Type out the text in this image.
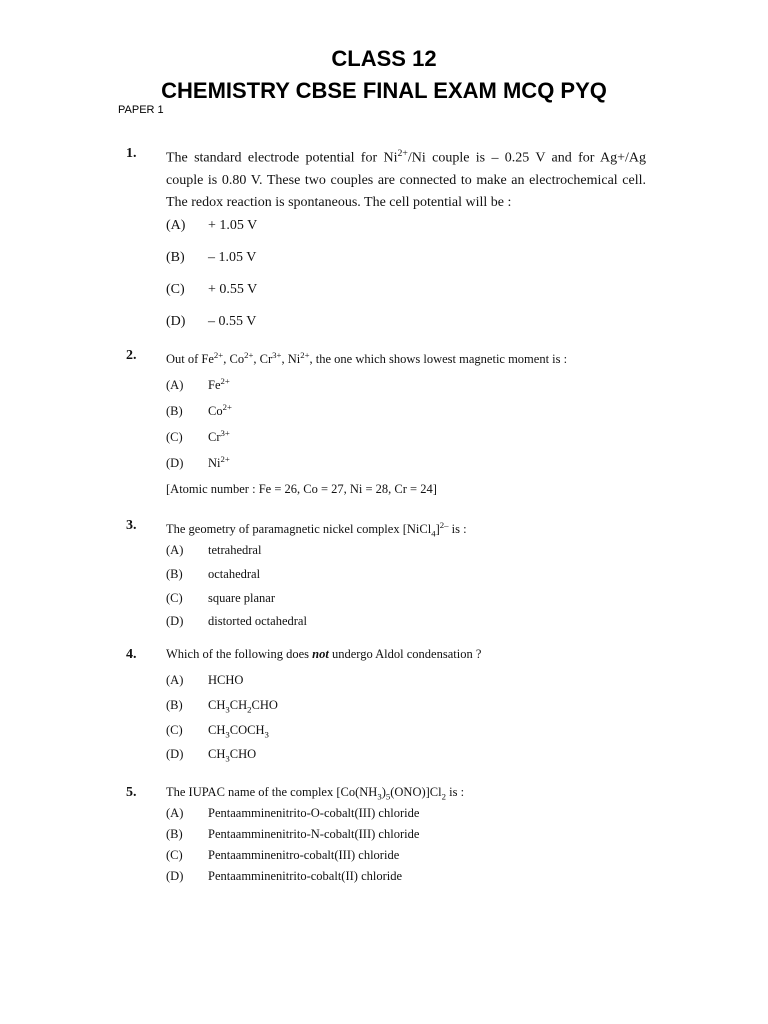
CLASS 12
CHEMISTRY CBSE FINAL EXAM MCQ PYQ
PAPER 1
1. The standard electrode potential for $Ni^{2+}/Ni$ couple is – 0.25 V and for Ag+/Ag couple is 0.80 V. These two couples are connected to make an electrochemical cell. The redox reaction is spontaneous. The cell potential will be :
(A) + 1.05 V
(B) – 1.05 V
(C) + 0.55 V
(D) – 0.55 V
2. Out of $Fe^{2+}$, $Co^{2+}$, $Cr^{3+}$, $Ni^{2+}$, the one which shows lowest magnetic moment is :
(A) $Fe^{2+}$
(B) $Co^{2+}$
(C) $Cr^{3+}$
(D) $Ni^{2+}$
[Atomic number : Fe = 26, Co = 27, Ni = 28, Cr = 24]
3. The geometry of paramagnetic nickel complex [NiCl$_4$]$^{2-}$ is :
(A) tetrahedral
(B) octahedral
(C) square planar
(D) distorted octahedral
4. Which of the following does not undergo Aldol condensation ?
(A) HCHO
(B) $CH_3CH_2CHO$
(C) $CH_3COCH_3$
(D) $CH_3CHO$
5. The IUPAC name of the complex $[Co(NH_3)_5(ONO)]Cl_2$ is :
(A) Pentaamminenitrito-O-cobalt(III) chloride
(B) Pentaamminenitrito-N-cobalt(III) chloride
(C) Pentaamminenitro-cobalt(III) chloride
(D) Pentaamminenitrito-cobalt(II) chloride
